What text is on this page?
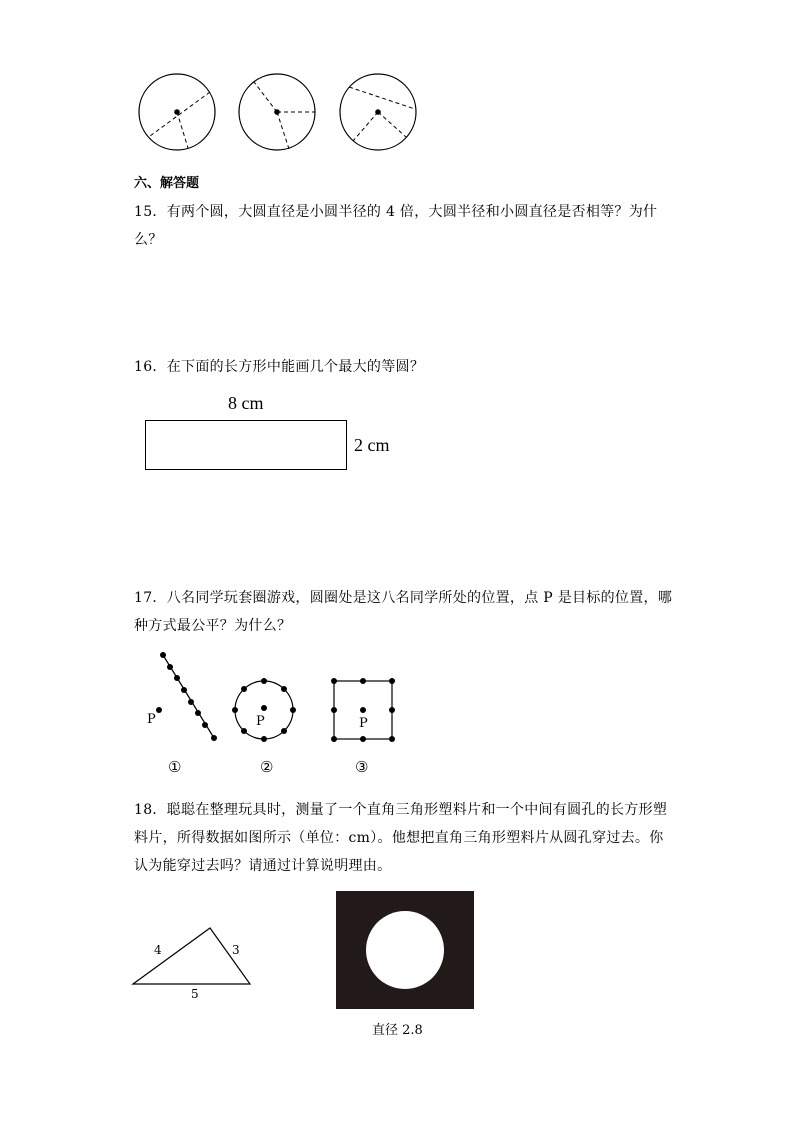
六、解答题
15．有两个圆，大圆直径是小圆半径的 4 倍，大圆半径和小圆直径是否相等？为什么？
16．在下面的长方形中能画几个最大的等圆？
8 cm
2 cm
17．八名同学玩套圈游戏，圆圈处是这八名同学所处的位置，点 P 是目标的位置，哪种方式最公平？为什么？
P	P	P
①	②	③
18．聪聪在整理玩具时，测量了一个直角三角形塑料片和一个中间有圆孔的长方形塑料片，所得数据如图所示（单位：cm）。他想把直角三角形塑料片从圆孔穿过去。你认为能穿过去吗？请通过计算说明理由。
4	3
5
直径 2.8
